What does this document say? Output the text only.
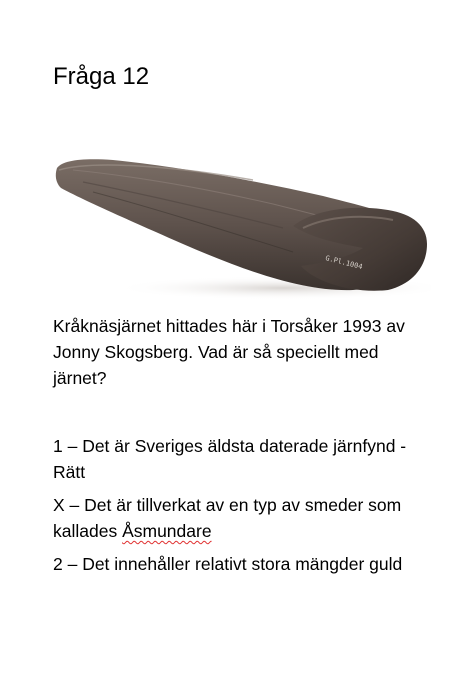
Fråga 12
G.Pl.1004

Kråknäsjärnet hittades här i Torsåker 1993 av Jonny Skogsberg. Vad är så speciellt med järnet?

1 – Det är Sveriges äldsta daterade järnfynd - Rätt

X – Det är tillverkat av en typ av smeder som kallades Åsmundare

2 – Det innehåller relativt stora mängder guld
